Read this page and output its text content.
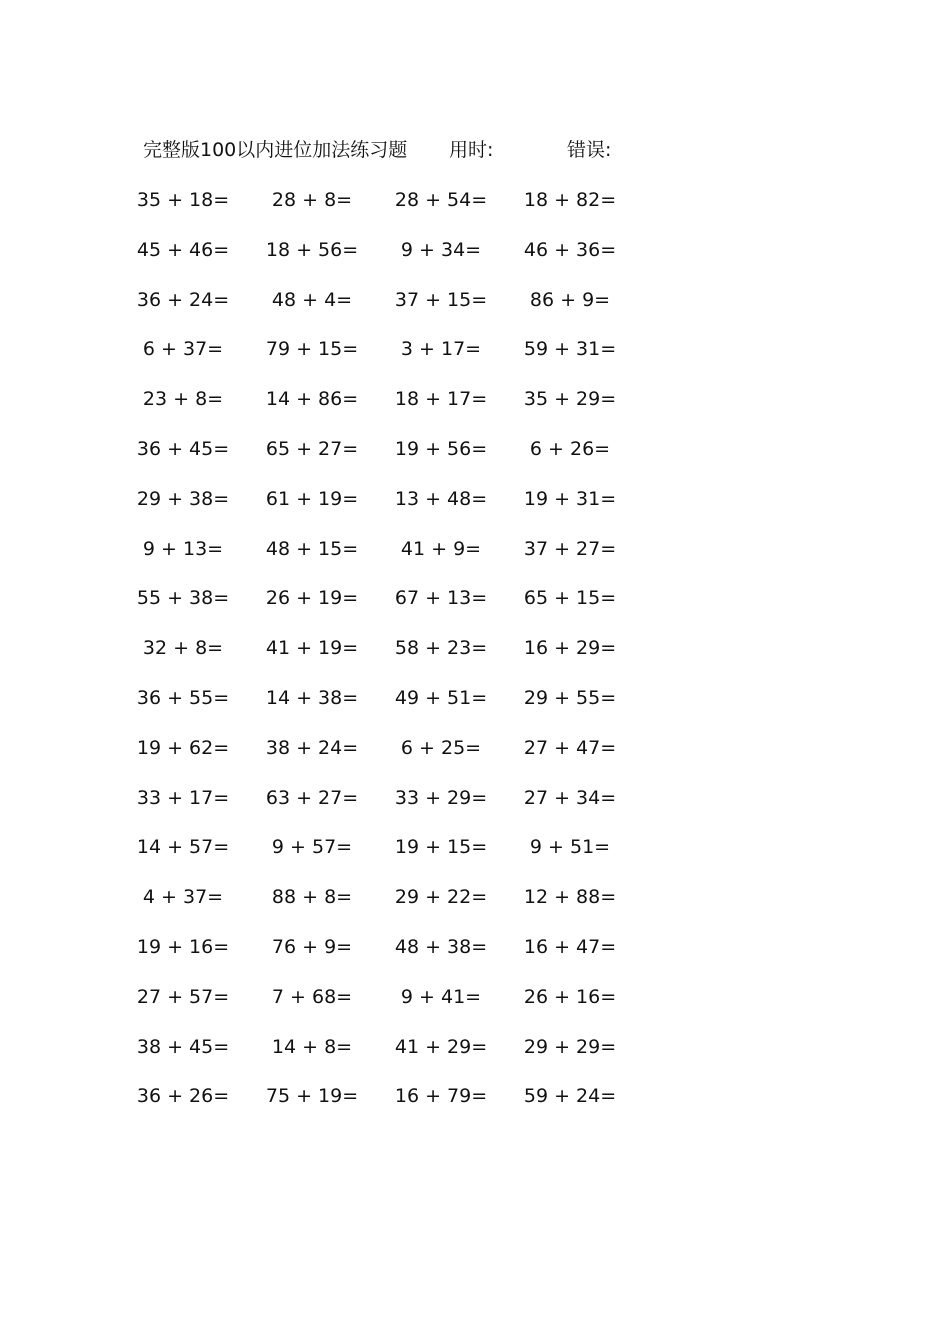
完整版100以内进位加法练习题 用时:	错误:
35 + 18= 28 + 8= 28 + 54= 18 + 82=
45 + 46= 18 + 56= 9 + 34= 46 + 36=
36 + 24= 48 + 4= 37 + 15= 86 + 9=
6 + 37= 79 + 15= 3 + 17= 59 + 31=
23 + 8= 14 + 86= 18 + 17= 35 + 29=
36 + 45= 65 + 27= 19 + 56= 6 + 26=
29 + 38= 61 + 19= 13 + 48= 19 + 31=
9 + 13= 48 + 15= 41 + 9= 37 + 27=
55 + 38= 26 + 19= 67 + 13= 65 + 15=
32 + 8= 41 + 19= 58 + 23= 16 + 29=
36 + 55= 14 + 38= 49 + 51= 29 + 55=
19 + 62= 38 + 24= 6 + 25= 27 + 47=
33 + 17= 63 + 27= 33 + 29= 27 + 34=
14 + 57= 9 + 57= 19 + 15= 9 + 51=
4 + 37=	88 + 8= 29 + 22= 12 + 88=
19 + 16= 76 + 9= 48 + 38= 16 + 47=
27 + 57= 7 + 68=	9 + 41= 26 + 16=
38 + 45= 14 + 8= 41 + 29= 29 + 29=
36 + 26= 75 + 19= 16 + 79= 59 + 24=
